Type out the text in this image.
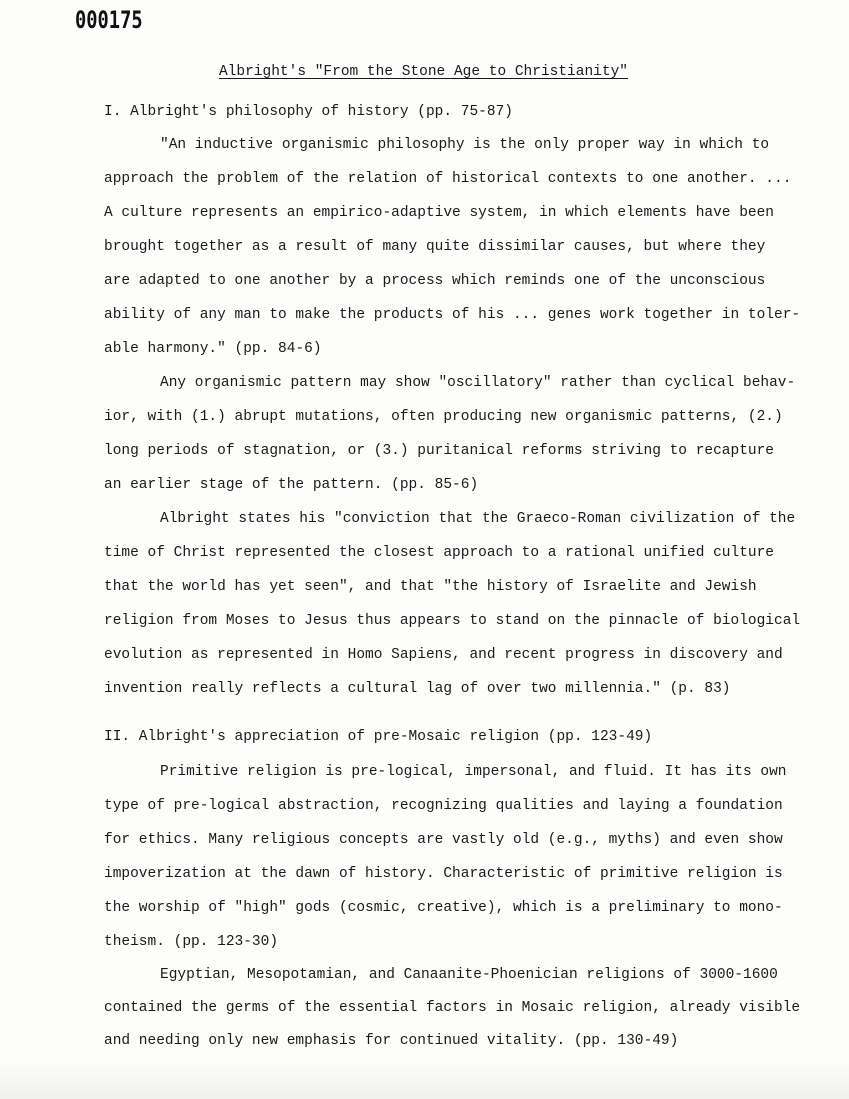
000175
Albright's "From the Stone Age to Christianity"
I. Albright's philosophy of history (pp. 75-87)
"An inductive organismic philosophy is the only proper way in which to
approach the problem of the relation of historical contexts to one another. ...
A culture represents an empirico-adaptive system, in which elements have been
brought together as a result of many quite dissimilar causes, but where they
are adapted to one another by a process which reminds one of the unconscious
ability of any man to make the products of his ... genes work together in toler-
able harmony." (pp. 84-6)
Any organismic pattern may show "oscillatory" rather than cyclical behav-
ior, with (1.) abrupt mutations, often producing new organismic patterns, (2.)
long periods of stagnation, or (3.) puritanical reforms striving to recapture
an earlier stage of the pattern. (pp. 85-6)
Albright states his "conviction that the Graeco-Roman civilization of the
time of Christ represented the closest approach to a rational unified culture
that the world has yet seen", and that "the history of Israelite and Jewish
religion from Moses to Jesus thus appears to stand on the pinnacle of biological
evolution as represented in Homo Sapiens, and recent progress in discovery and
invention really reflects a cultural lag of over two millennia." (p. 83)
II. Albright's appreciation of pre-Mosaic religion (pp. 123-49)
Primitive religion is pre-logical, impersonal, and fluid. It has its own
type of pre-logical abstraction, recognizing qualities and laying a foundation
for ethics. Many religious concepts are vastly old (e.g., myths) and even show
impoverization at the dawn of history. Characteristic of primitive religion is
the worship of "high" gods (cosmic, creative), which is a preliminary to mono-
theism. (pp. 123-30)
Egyptian, Mesopotamian, and Canaanite-Phoenician religions of 3000-1600
contained the germs of the essential factors in Mosaic religion, already visible
and needing only new emphasis for continued vitality. (pp. 130-49)
